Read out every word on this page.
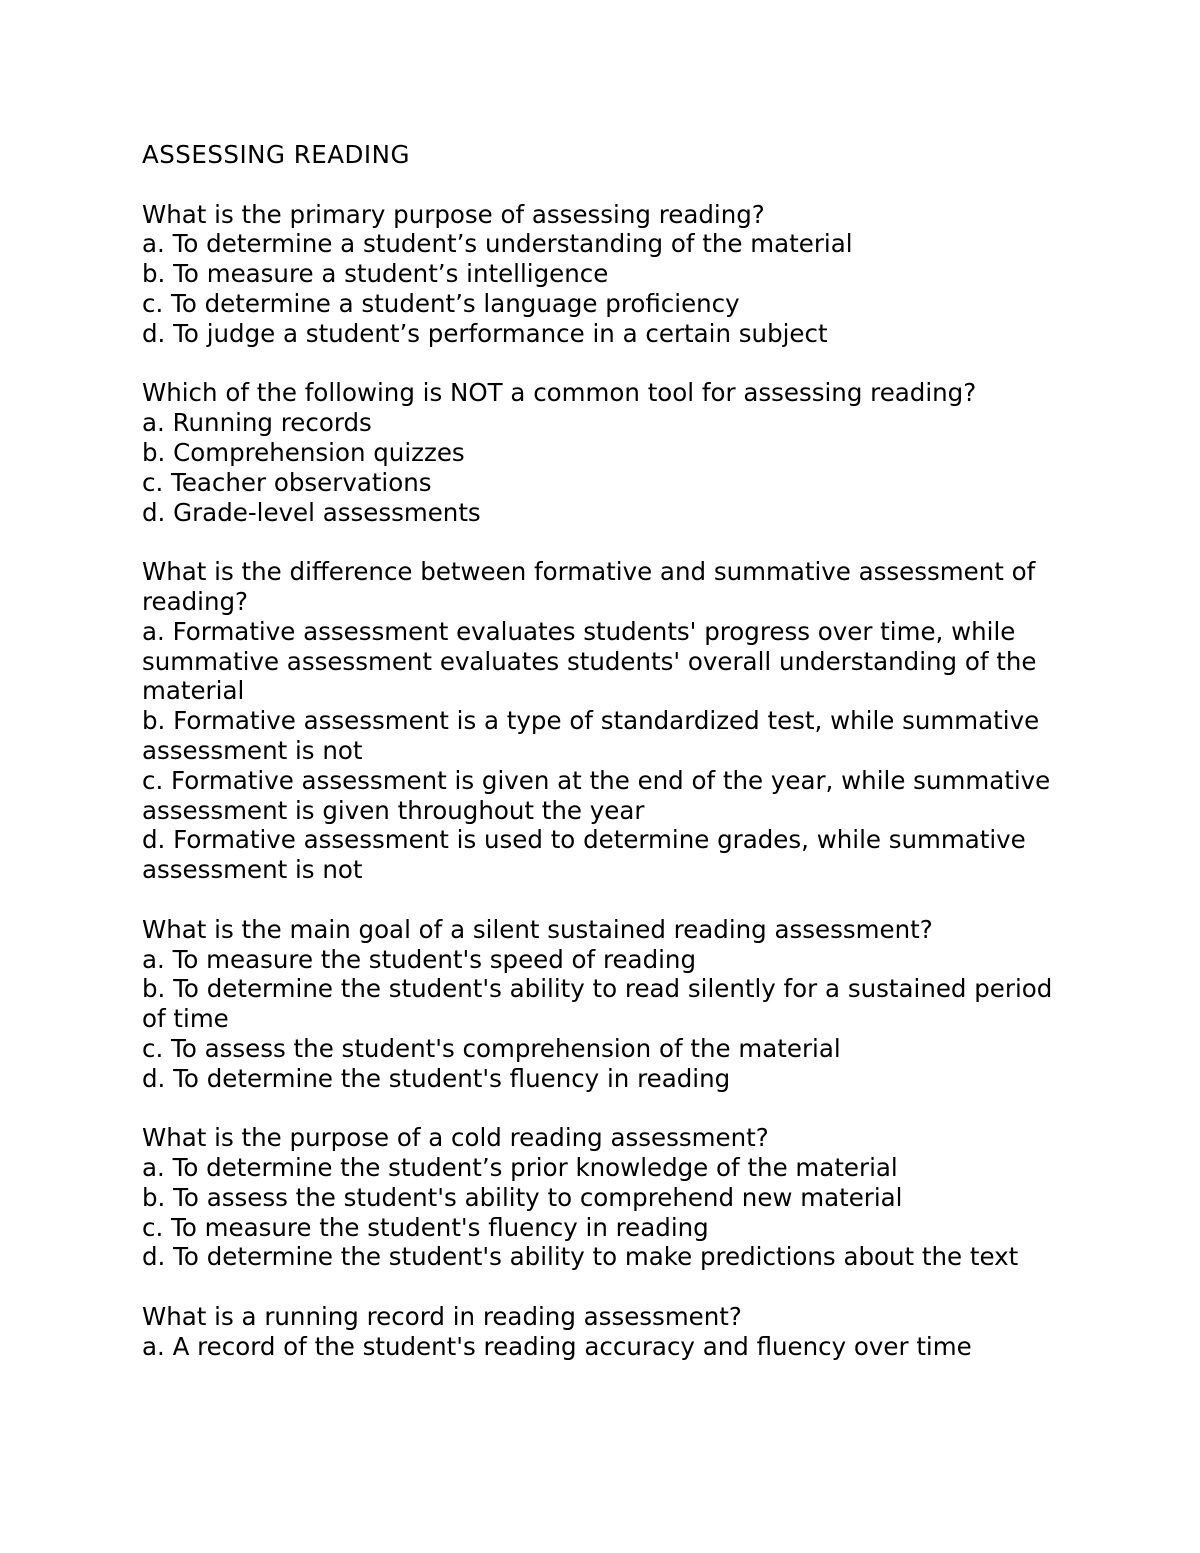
ASSESSING READING
What is the primary purpose of assessing reading?
a. To determine a student’s understanding of the material
b. To measure a student’s intelligence
c. To determine a student’s language proficiency
d. To judge a student’s performance in a certain subject
Which of the following is NOT a common tool for assessing reading?
a. Running records
b. Comprehension quizzes
c. Teacher observations
d. Grade-level assessments
What is the difference between formative and summative assessment of reading?
a. Formative assessment evaluates students' progress over time, while summative assessment evaluates students' overall understanding of the material
b. Formative assessment is a type of standardized test, while summative assessment is not
c. Formative assessment is given at the end of the year, while summative assessment is given throughout the year
d. Formative assessment is used to determine grades, while summative assessment is not
What is the main goal of a silent sustained reading assessment?
a. To measure the student's speed of reading
b. To determine the student's ability to read silently for a sustained period of time
c. To assess the student's comprehension of the material
d. To determine the student's fluency in reading
What is the purpose of a cold reading assessment?
a. To determine the student’s prior knowledge of the material
b. To assess the student's ability to comprehend new material
c. To measure the student's fluency in reading
d. To determine the student's ability to make predictions about the text
What is a running record in reading assessment?
a. A record of the student's reading accuracy and fluency over time
